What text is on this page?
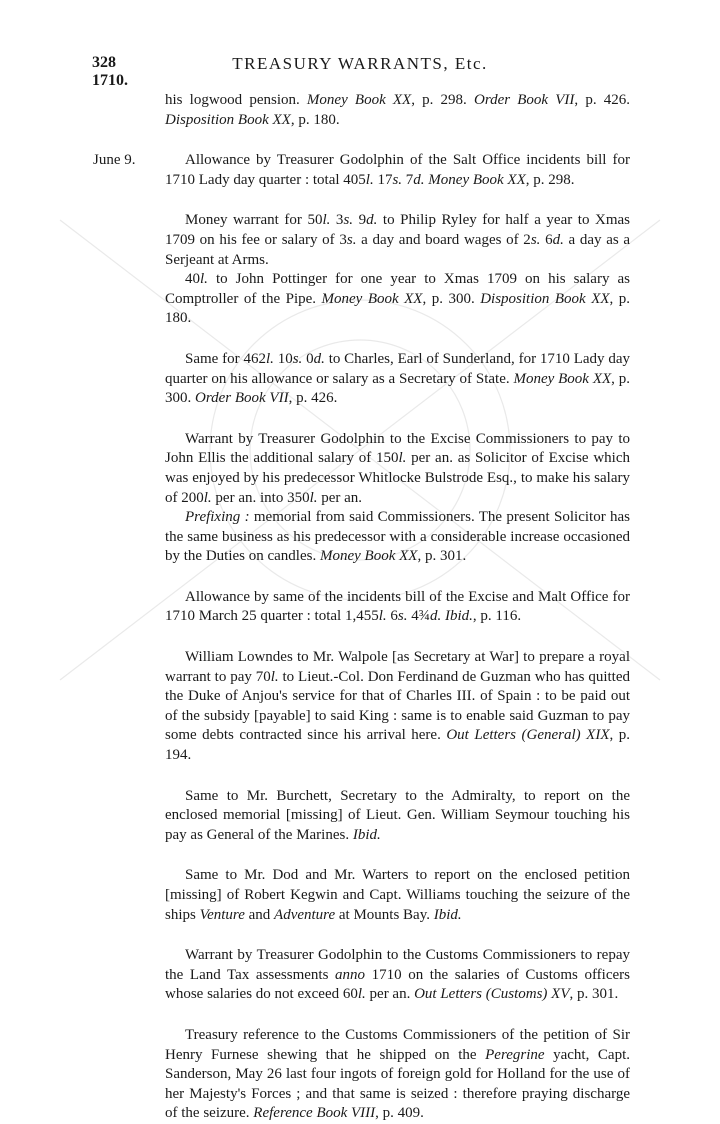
328	TREASURY WARRANTS, Etc.
1710.

his logwood pension. Money Book XX, p. 298. Order Book VII, p. 426. Disposition Book XX, p. 180.

June 9.	Allowance by Treasurer Godolphin of the Salt Office incidents bill for 1710 Lady day quarter : total 405l. 17s. 7d. Money Book XX, p. 298.

Money warrant for 50l. 3s. 9d. to Philip Ryley for half a year to Xmas 1709 on his fee or salary of 3s. a day and board wages of 2s. 6d. a day as a Serjeant at Arms.

40l. to John Pottinger for one year to Xmas 1709 on his salary as Comptroller of the Pipe. Money Book XX, p. 300. Disposition Book XX, p. 180.

Same for 462l. 10s. 0d. to Charles, Earl of Sunderland, for 1710 Lady day quarter on his allowance or salary as a Secretary of State. Money Book XX, p. 300. Order Book VII, p. 426.

Warrant by Treasurer Godolphin to the Excise Commissioners to pay to John Ellis the additional salary of 150l. per an. as Solicitor of Excise which was enjoyed by his predecessor Whitlocke Bulstrode Esq., to make his salary of 200l. per an. into 350l. per an.

Prefixing : memorial from said Commissioners. The present Solicitor has the same business as his predecessor with a considerable increase occasioned by the Duties on candles. Money Book XX, p. 301.

Allowance by same of the incidents bill of the Excise and Malt Office for 1710 March 25 quarter : total 1,455l. 6s. 4¾d. Ibid., p. 116.

William Lowndes to Mr. Walpole [as Secretary at War] to prepare a royal warrant to pay 70l. to Lieut.-Col. Don Ferdinand de Guzman who has quitted the Duke of Anjou's service for that of Charles III. of Spain : to be paid out of the subsidy [payable] to said King : same is to enable said Guzman to pay some debts contracted since his arrival here. Out Letters (General) XIX, p. 194.

Same to Mr. Burchett, Secretary to the Admiralty, to report on the enclosed memorial [missing] of Lieut. Gen. William Seymour touching his pay as General of the Marines. Ibid.

Same to Mr. Dod and Mr. Warters to report on the enclosed petition [missing] of Robert Kegwin and Capt. Williams touching the seizure of the ships Venture and Adventure at Mounts Bay. Ibid.

Warrant by Treasurer Godolphin to the Customs Commissioners to repay the Land Tax assessments anno 1710 on the salaries of Customs officers whose salaries do not exceed 60l. per an. Out Letters (Customs) XV, p. 301.

Treasury reference to the Customs Commissioners of the petition of Sir Henry Furnese shewing that he shipped on the Peregrine yacht, Capt. Sanderson, May 26 last four ingots of foreign gold for Holland for the use of her Majesty's Forces ; and that same is seized : therefore praying discharge of the seizure. Reference Book VIII, p. 409.
